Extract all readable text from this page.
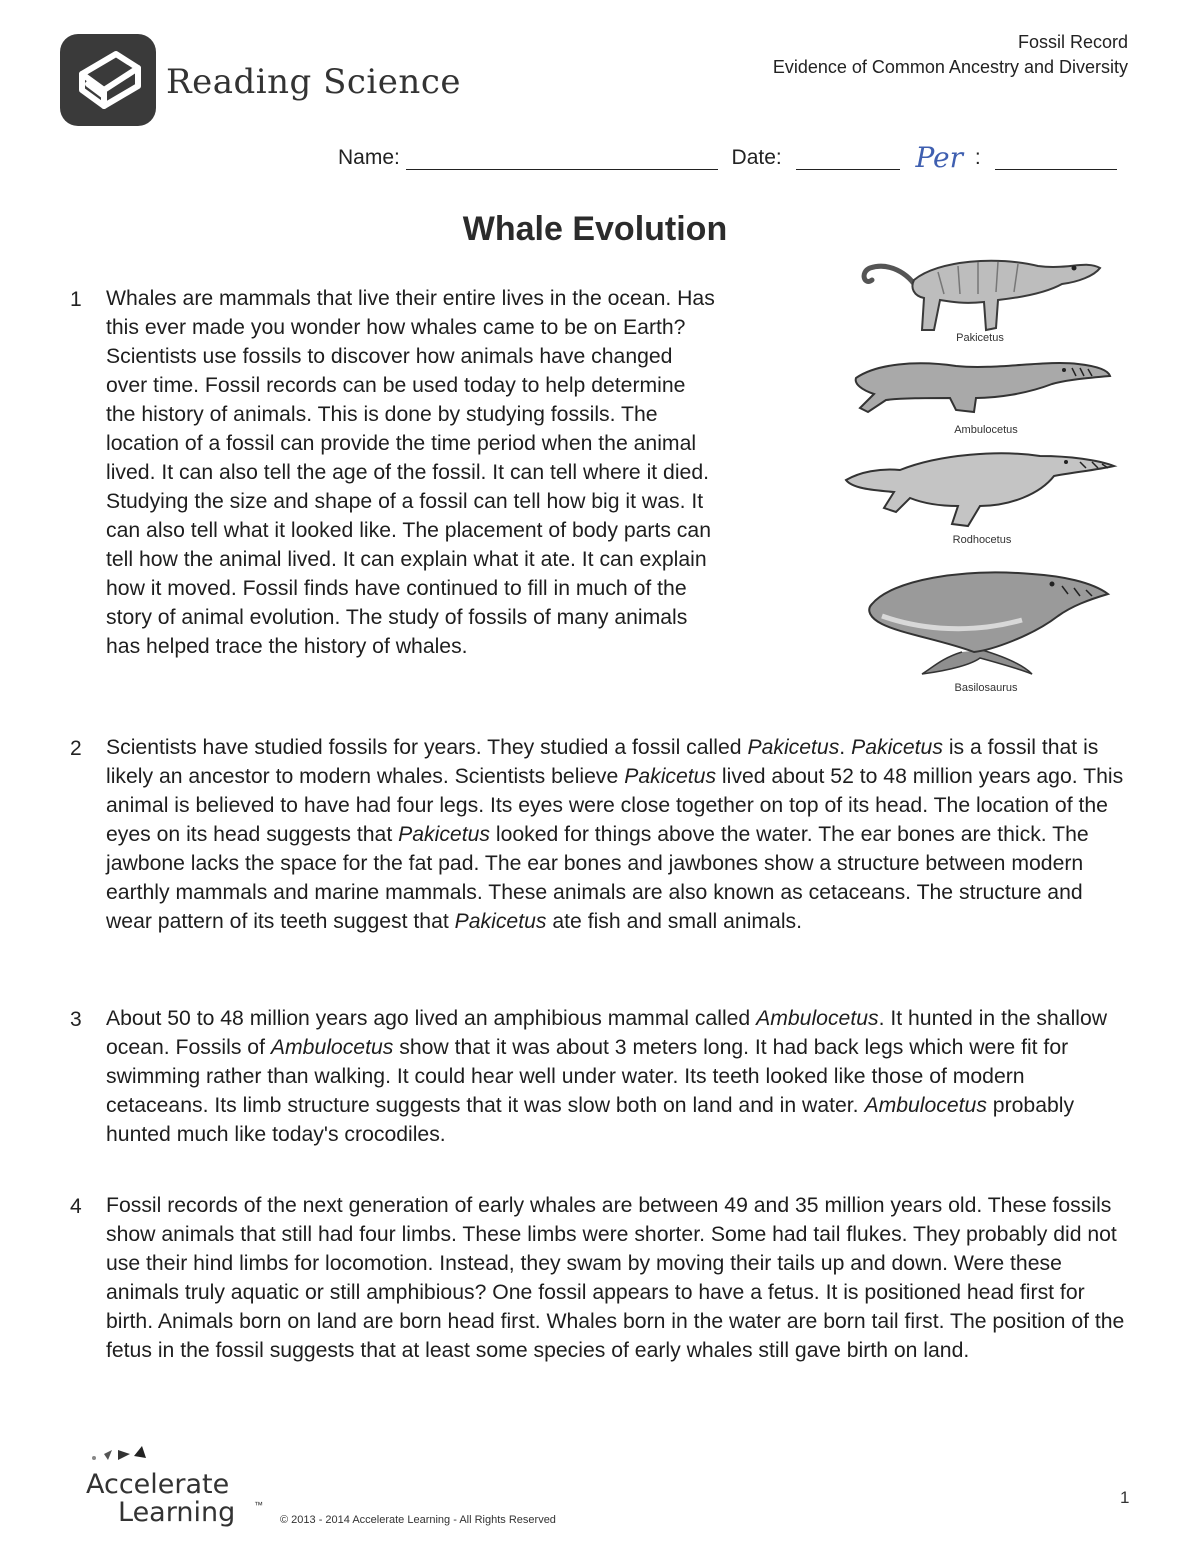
Reading Science
Fossil Record
Evidence of Common Ancestry and Diversity
Name:	Date:	Per :
Whale Evolution
1 Whales are mammals that live their entire lives in the ocean. Has
this ever made you wonder how whales came to be on Earth?
Scientists use fossils to discover how animals have changed
over time. Fossil records can be used today to help determine
the history of animals. This is done by studying fossils. The
location of a fossil can provide the time period when the animal
lived. It can also tell the age of the fossil. It can tell where it died.
Studying the size and shape of a fossil can tell how big it was. It
can also tell what it looked like. The placement of body parts can
tell how the animal lived. It can explain what it ate. It can explain
how it moved. Fossil finds have continued to fill in much of the
story of animal evolution. The study of fossils of many animals
has helped trace the history of whales.
Pakicetus
Ambulocetus
Rodhocetus
Basilosaurus
2 Scientists have studied fossils for years. They studied a fossil called Pakicetus. Pakicetus is a fossil that is likely an ancestor to modern whales. Scientists believe Pakicetus lived about 52 to 48 million years ago. This animal is believed to have had four legs. Its eyes were close together on top of its head. The location of the eyes on its head suggests that Pakicetus looked for things above the water. The ear bones are thick. The jawbone lacks the space for the fat pad. The ear bones and jawbones show a structure between modern earthly mammals and marine mammals. These animals are also known as cetaceans. The structure and wear pattern of its teeth suggest that Pakicetus ate fish and small animals.
3 About 50 to 48 million years ago lived an amphibious mammal called Ambulocetus. It hunted in the shallow ocean. Fossils of Ambulocetus show that it was about 3 meters long. It had back legs which were fit for swimming rather than walking. It could hear well under water. Its teeth looked like those of modern cetaceans. Its limb structure suggests that it was slow both on land and in water. Ambulocetus probably hunted much like today's crocodiles.
4 Fossil records of the next generation of early whales are between 49 and 35 million years old. These fossils show animals that still had four limbs. These limbs were shorter. Some had tail flukes. They probably did not use their hind limbs for locomotion. Instead, they swam by moving their tails up and down. Were these animals truly aquatic or still amphibious? One fossil appears to have a fetus. It is positioned head first for birth. Animals born on land are born head first. Whales born in the water are born tail first. The position of the fetus in the fossil suggests that at least some species of early whales still gave birth on land.
Accelerate
Learning ™
© 2013 - 2014 Accelerate Learning - All Rights Reserved
1
